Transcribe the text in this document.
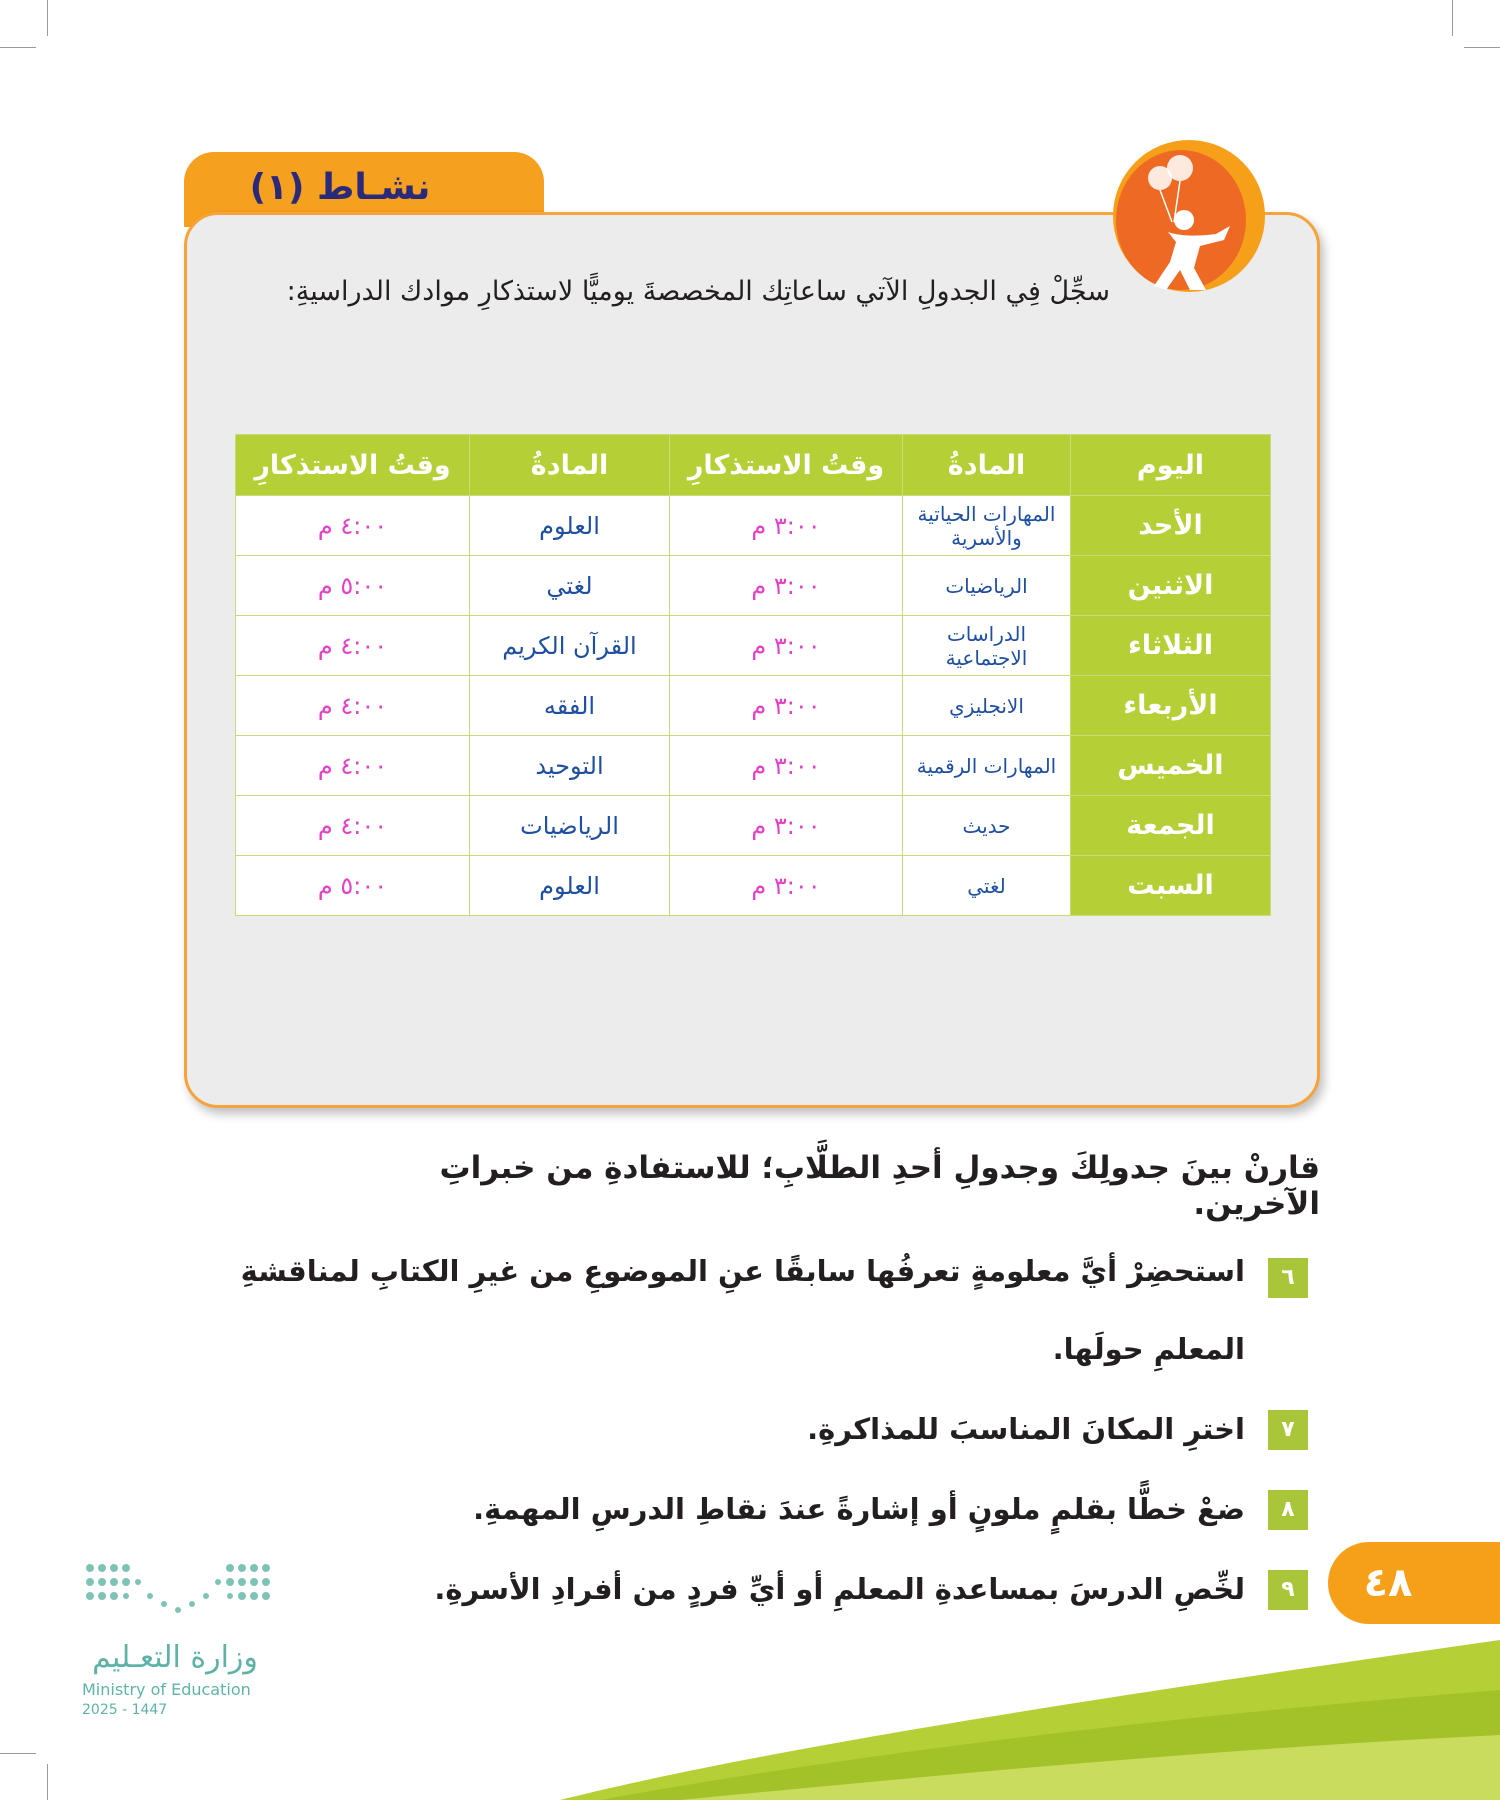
نشـاط (١)
سجِّلْ فِي الجدولِ الآتي ساعاتِك المخصصةَ يوميًّا لاستذكارِ موادك الدراسيةِ:
اليوم	المادةُ	وقتُ الاستذكارِ	المادةُ	وقتُ الاستذكارِ
الأحد	المهارات الحياتية والأسرية	٣:٠٠ م	العلوم	٤:٠٠ م
الاثنين	الرياضيات	٣:٠٠ م	لغتي	٥:٠٠ م
الثلاثاء	الدراسات الاجتماعية	٣:٠٠ م	القرآن الكريم	٤:٠٠ م
الأربعاء	الانجليزي	٣:٠٠ م	الفقه	٤:٠٠ م
الخميس	المهارات الرقمية	٣:٠٠ م	التوحيد	٤:٠٠ م
الجمعة	حديث	٣:٠٠ م	الرياضيات	٤:٠٠ م
السبت	لغتي	٣:٠٠ م	العلوم	٥:٠٠ م
قارنْ بينَ جدولِكَ وجدولِ أحدِ الطلَّابِ؛ للاستفادةِ من خبراتِ الآخرين.
٦
استحضِرْ أيَّ معلومةٍ تعرفُها سابقًا عنِ الموضوعِ من غيرِ الكتابِ لمناقشةِ المعلمِ حولَها.
٧
اخترِ المكانَ المناسبَ للمذاكرةِ.
٨
ضعْ خطًّا بقلمٍ ملونٍ أو إشارةً عندَ نقاطِ الدرسِ المهمةِ.
٩
لخِّصِ الدرسَ بمساعدةِ المعلمِ أو أيِّ فردٍ من أفرادِ الأسرةِ.	٤٨
وزارة التعـليم
Ministry of Education
2025 - 1447
